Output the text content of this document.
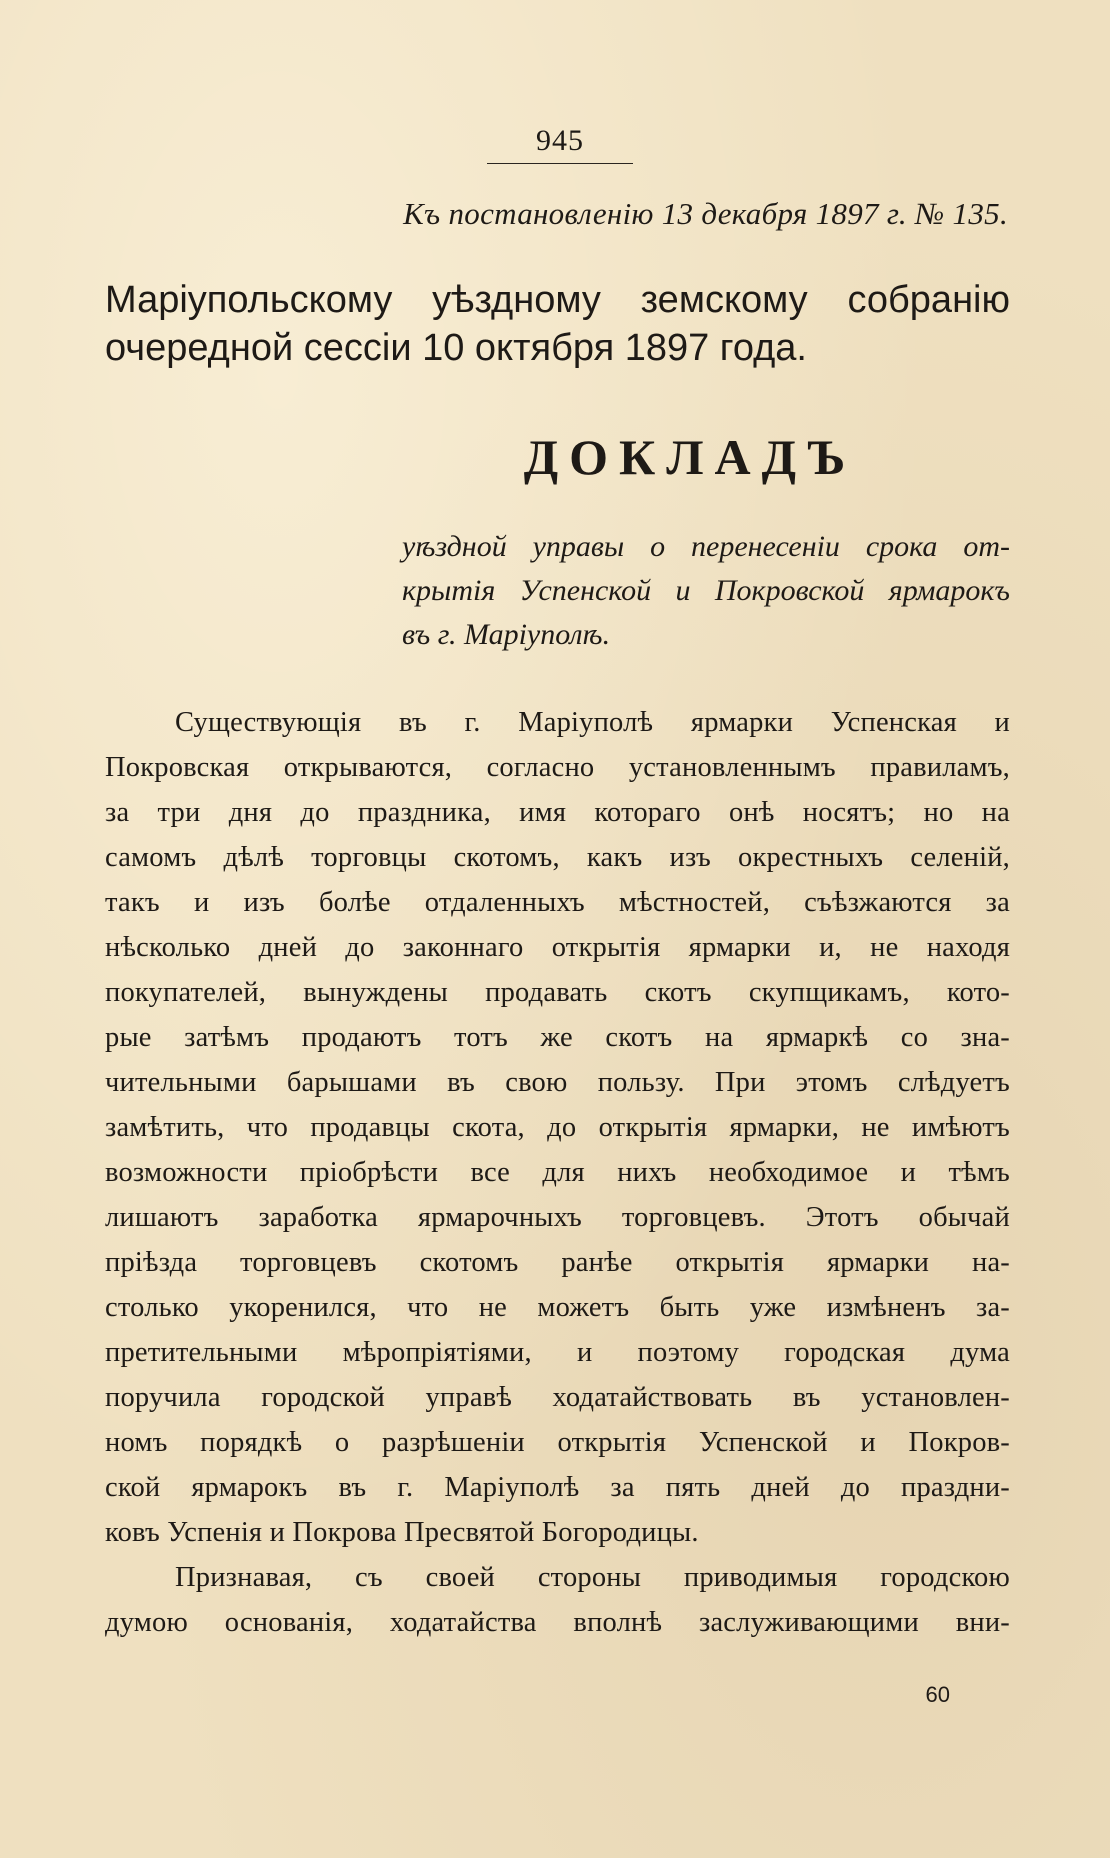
945
Къ постановленію 13 декабря 1897 г. № 135.
Маріупольскому уѣздному земскому собранію очередной сессіи 10 октября 1897 года.
ДОКЛАДЪ
уѣздной управы о перенесеніи срока от-
крытія Успенской и Покровской ярмарокъ
въ г. Маріуполѣ.
Существующія въ г. Маріуполѣ ярмарки Успенская и
Покровская открываются, согласно установленнымъ правиламъ,
за три дня до праздника, имя котораго онѣ носятъ; но на
самомъ дѣлѣ торговцы скотомъ, какъ изъ окрестныхъ селеній,
такъ и изъ болѣе отдаленныхъ мѣстностей, съѣзжаются за
нѣсколько дней до законнаго открытія ярмарки и, не находя
покупателей, вынуждены продавать скотъ скупщикамъ, кото-
рые затѣмъ продаютъ тотъ же скотъ на ярмаркѣ со зна-
чительными барышами въ свою пользу. При этомъ слѣдуетъ
замѣтить, что продавцы скота, до открытія ярмарки, не имѣютъ
возможности пріобрѣсти все для нихъ необходимое и тѣмъ
лишаютъ заработка ярмарочныхъ торговцевъ. Этотъ обычай
пріѣзда торговцевъ скотомъ ранѣе открытія ярмарки на-
столько укоренился, что не можетъ быть уже измѣненъ за-
претительными мѣропріятіями, и поэтому городская дума
поручила городской управѣ ходатайствовать въ установлен-
номъ порядкѣ о разрѣшеніи открытія Успенской и Покров-
ской ярмарокъ въ г. Маріуполѣ за пять дней до праздни-
ковъ Успенія и Покрова Пресвятой Богородицы.
Признавая, съ своей стороны приводимыя городскою
думою основанія, ходатайства вполнѣ заслуживающими вни-
60
